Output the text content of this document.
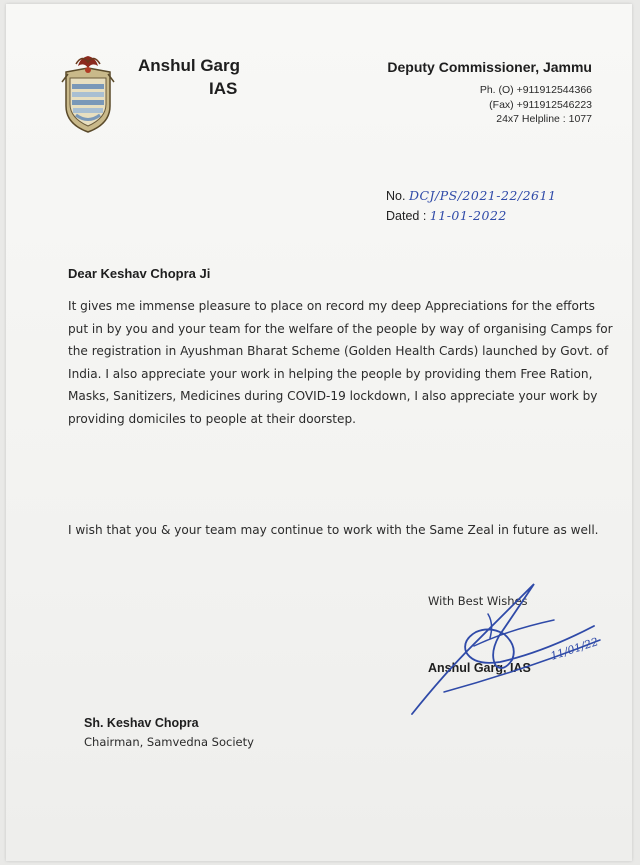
Anshul Garg
IAS
Deputy Commissioner, Jammu
Ph. (O) +911912544366
(Fax) +911912546223
24x7 Helpline : 1077
No. DCJ/PS/2021-22/2611
Dated : 11-01-2022
Dear Keshav Chopra Ji
It gives me immense pleasure to place on record my deep Appreciations for the efforts put in by you and your team for the welfare of the people by way of organising Camps for the registration in Ayushman Bharat Scheme (Golden Health Cards) launched by Govt. of India. I also appreciate your work in helping the people by providing them Free Ration, Masks, Sanitizers, Medicines during COVID-19 lockdown, I also appreciate your work by providing domiciles to people at their doorstep.
I wish that you & your team may continue to work with the Same Zeal in future as well.
With Best Wishes
Anshul Garg, IAS
11/01/22
Sh. Keshav Chopra
Chairman, Samvedna Society
